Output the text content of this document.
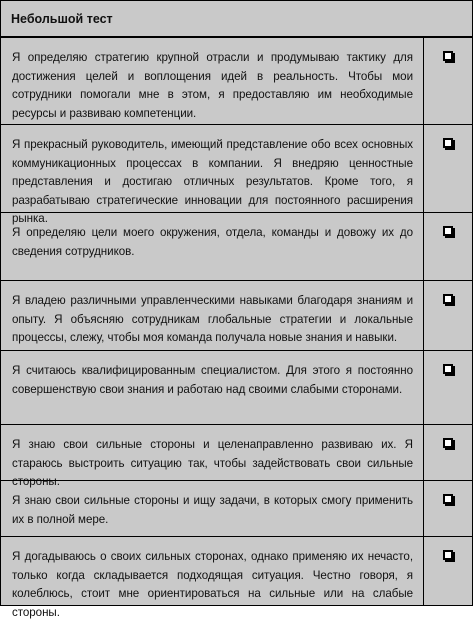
Небольшой тест
Я определяю стратегию крупной отрасли и продумываю тактику для достижения целей и воплощения идей в реальность. Чтобы мои сотрудники помогали мне в этом, я предоставляю им необходимые ресурсы и развиваю компетенции.
Я прекрасный руководитель, имеющий представление обо всех основных коммуникационных процессах в компании. Я внедряю ценностные представления и достигаю отличных результатов. Кроме того, я разрабатываю стратегические инновации для постоянного расширения рынка.
Я определяю цели моего окружения, отдела, команды и довожу их до сведения сотрудников.
Я владею различными управленческими навыками благодаря знаниям и опыту. Я объясняю сотрудникам глобальные стратегии и локальные процессы, слежу, чтобы моя команда получала новые знания и навыки.
Я считаюсь квалифицированным специалистом. Для этого я постоянно совершенствую свои знания и работаю над своими слабыми сторонами.
Я знаю свои сильные стороны и целенаправленно развиваю их. Я стараюсь выстроить ситуацию так, чтобы задействовать свои сильные стороны.
Я знаю свои сильные стороны и ищу задачи, в которых смогу применить их в полной мере.
Я догадываюсь о своих сильных сторонах, однако применяю их нечасто, только когда складывается подходящая ситуация. Честно говоря, я колеблюсь, стоит мне ориентироваться на сильные или на слабые стороны.
